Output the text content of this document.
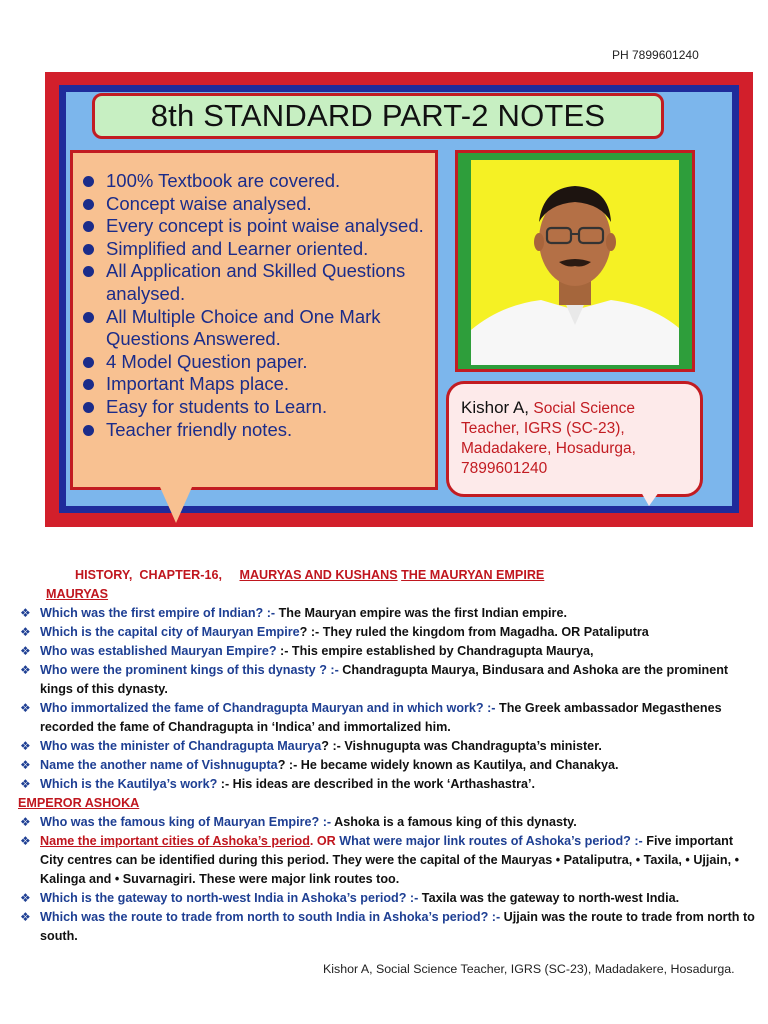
PH 7899601240
8th STANDARD PART-2 NOTES
100% Textbook are covered.
Concept waise analysed.
Every concept is point waise analysed.
Simplified and Learner oriented.
All Application and Skilled Questions analysed.
All Multiple Choice and One Mark Questions Answered.
4 Model Question paper.
Important Maps place.
Easy for students to Learn.
Teacher friendly notes.
Kishor A, Social Science Teacher, IGRS (SC-23), Madadakere, Hosadurga, 7899601240
HISTORY, CHAPTER-16, MAURYAS AND KUSHANS THE MAURYAN EMPIRE
MAURYAS
❖ Which was the first empire of Indian? :- The Mauryan empire was the first Indian empire.
❖ Which is the capital city of Mauryan Empire? :- They ruled the kingdom from Magadha. OR Pataliputra
❖ Who was established Mauryan Empire? :- This empire established by Chandragupta Maurya,
❖ Who were the prominent kings of this dynasty ? :- Chandragupta Maurya, Bindusara and Ashoka are the prominent kings of this dynasty.
❖ Who immortalized the fame of Chandragupta Mauryan and in which work? :- The Greek ambassador Megasthenes recorded the fame of Chandragupta in ‘Indica’ and immortalized him.
❖ Who was the minister of Chandragupta Maurya? :- Vishnugupta was Chandragupta’s minister.
❖ Name the another name of Vishnugupta? :- He became widely known as Kautilya, and Chanakya.
❖ Which is the Kautilya’s work? :- His ideas are described in the work ‘Arthashastra’.
EMPEROR ASHOKA
❖ Who was the famous king of Mauryan Empire? :- Ashoka is a famous king of this dynasty.
❖ Name the important cities of Ashoka’s period. OR What were major link routes of Ashoka’s period? :- Five important City centres can be identified during this period. They were the capital of the Mauryas • Pataliputra, • Taxila, • Ujjain, • Kalinga and • Suvarnagiri. These were major link routes too.
❖ Which is the gateway to north-west India in Ashoka’s period? :- Taxila was the gateway to north-west India.
❖ Which was the route to trade from north to south India in Ashoka’s period? :- Ujjain was the route to trade from north to south.
Kishor A, Social Science Teacher, IGRS (SC-23), Madadakere, Hosadurga.
